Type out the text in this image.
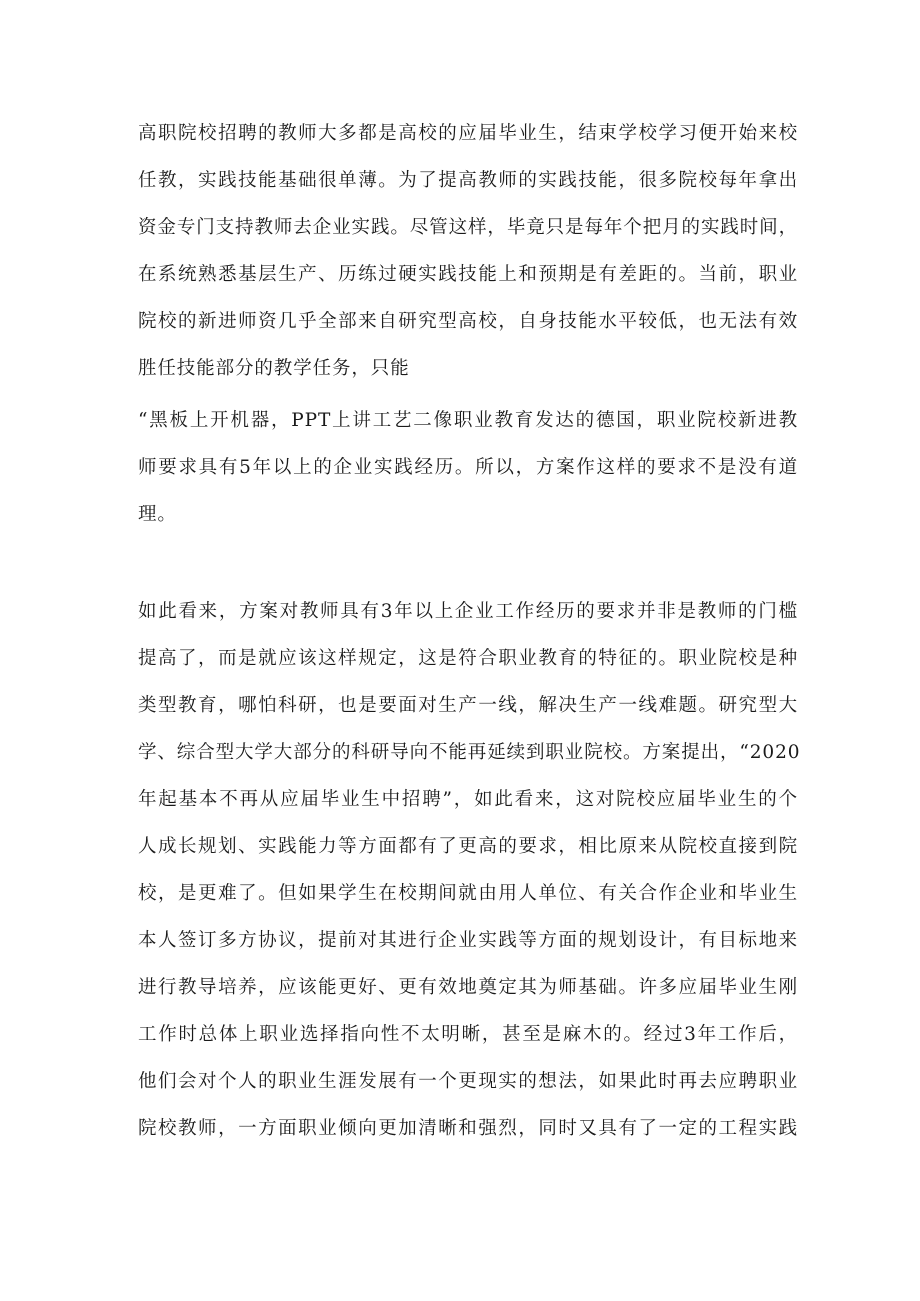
高职院校招聘的教师大多都是高校的应届毕业生，结束学校学习便开始来校
任教，实践技能基础很单薄。为了提高教师的实践技能，很多院校每年拿出
资金专门支持教师去企业实践。尽管这样，毕竟只是每年个把月的实践时间，
在系统熟悉基层生产、历练过硬实践技能上和预期是有差距的。当前，职业
院校的新进师资几乎全部来自研究型高校，自身技能水平较低，也无法有效
胜任技能部分的教学任务，只能
“黑板上开机器，PPT上讲工艺二像职业教育发达的德国，职业院校新进教
师要求具有5年以上的企业实践经历。所以，方案作这样的要求不是没有道
理。
如此看来，方案对教师具有3年以上企业工作经历的要求并非是教师的门槛
提高了，而是就应该这样规定，这是符合职业教育的特征的。职业院校是种
类型教育，哪怕科研，也是要面对生产一线，解决生产一线难题。研究型大
学、综合型大学大部分的科研导向不能再延续到职业院校。方案提出，“2020
年起基本不再从应届毕业生中招聘”，如此看来，这对院校应届毕业生的个
人成长规划、实践能力等方面都有了更高的要求，相比原来从院校直接到院
校，是更难了。但如果学生在校期间就由用人单位、有关合作企业和毕业生
本人签订多方协议，提前对其进行企业实践等方面的规划设计，有目标地来
进行教导培养，应该能更好、更有效地奠定其为师基础。许多应届毕业生刚
工作时总体上职业选择指向性不太明晰，甚至是麻木的。经过3年工作后，
他们会对个人的职业生涯发展有一个更现实的想法，如果此时再去应聘职业
院校教师，一方面职业倾向更加清晰和强烈，同时又具有了一定的工程实践
